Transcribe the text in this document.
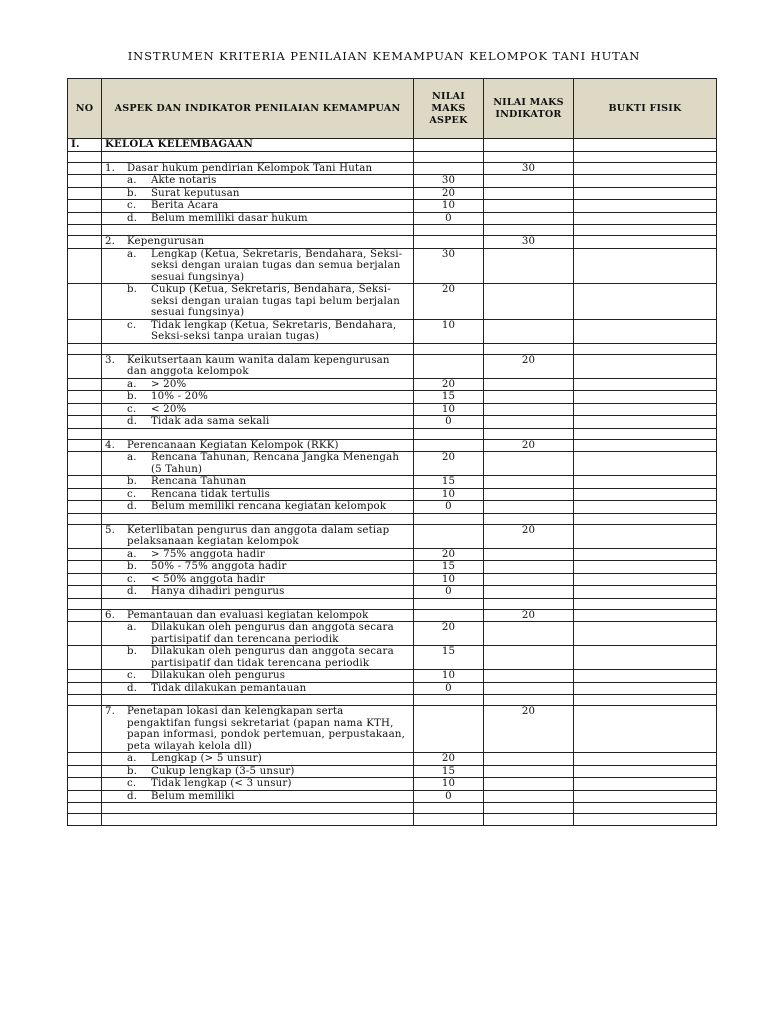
INSTRUMEN KRITERIA PENILAIAN KEMAMPUAN KELOMPOK TANI HUTAN
NO	ASPEK DAN INDIKATOR PENILAIAN KEMAMPUAN	NILAI MAKS ASPEK	NILAI MAKS INDIKATOR	BUKTI FISIK
I.	KELOLA KELEMBAGAAN			

	1. Dasar hukum pendirian Kelompok Tani Hutan		30	

	a. Akte notaris	30		

	b. Surat keputusan	20		

	c. Berita Acara	10		

	d. Belum memiliki dasar hukum	0		

	2. Kepengurusan		30	

	a. Lengkap (Ketua, Sekretaris, Bendahara, Seksi-seksi dengan uraian tugas dan semua berjalan sesuai fungsinya)	30		

	b. Cukup (Ketua, Sekretaris, Bendahara, Seksi-seksi dengan uraian tugas tapi belum berjalan sesuai fungsinya)	20		

	c. Tidak lengkap (Ketua, Sekretaris, Bendahara, Seksi-seksi tanpa uraian tugas)	10		

	3. Keikutsertaan kaum wanita dalam kepengurusan dan anggota kelompok		20	

	a. > 20%	20		

	b. 10% - 20%	15		

	c. < 20%	10		

	d. Tidak ada sama sekali	0		

	4. Perencanaan Kegiatan Kelompok (RKK)		20	

	a. Rencana Tahunan, Rencana Jangka Menengah (5 Tahun)	20		

	b. Rencana Tahunan	15		

	c. Rencana tidak tertulis	10		

	d. Belum memiliki rencana kegiatan kelompok	0		

	5. Keterlibatan pengurus dan anggota dalam setiap pelaksanaan kegiatan kelompok		20	

	a. > 75% anggota hadir	20		

	b. 50% - 75% anggota hadir	15		

	c. < 50% anggota hadir	10		

	d. Hanya dihadiri pengurus	0		

	6. Pemantauan dan evaluasi kegiatan kelompok		20	

	a. Dilakukan oleh pengurus dan anggota secara partisipatif dan terencana periodik	20		

	b. Dilakukan oleh pengurus dan anggota secara partisipatif dan tidak terencana periodik	15		

	c. Dilakukan oleh pengurus	10		

	d. Tidak dilakukan pemantauan	0		

	7. Penetapan lokasi dan kelengkapan serta pengaktifan fungsi sekretariat (papan nama KTH, papan informasi, pondok pertemuan, perpustakaan, peta wilayah kelola dll)		20	

	a. Lengkap (> 5 unsur)	20		

	b. Cukup lengkap (3-5 unsur)	15		

	c. Tidak lengkap (< 3 unsur)	10		

	d. Belum memiliki	0		
